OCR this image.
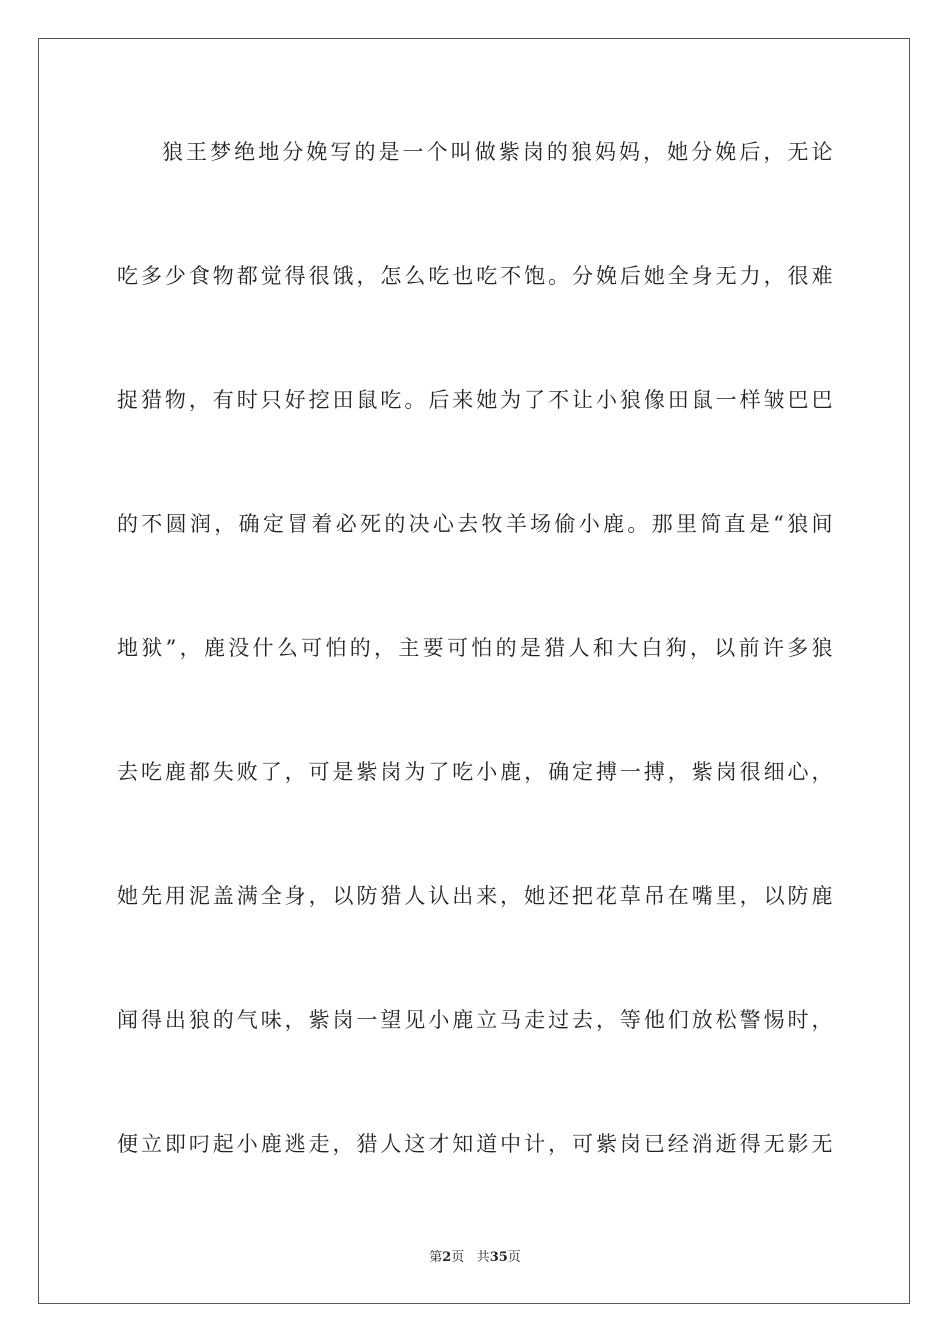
狼王梦绝地分娩写的是一个叫做紫岗的狼妈妈，她分娩后，无论
吃多少食物都觉得很饿，怎么吃也吃不饱。分娩后她全身无力，很难
捉猎物，有时只好挖田鼠吃。后来她为了不让小狼像田鼠一样皱巴巴
的不圆润，确定冒着必死的决心去牧羊场偷小鹿。那里简直是“狼间
地狱”，鹿没什么可怕的，主要可怕的是猎人和大白狗，以前许多狼
去吃鹿都失败了，可是紫岗为了吃小鹿，确定搏一搏，紫岗很细心，
她先用泥盖满全身，以防猎人认出来，她还把花草吊在嘴里，以防鹿
闻得出狼的气味，紫岗一望见小鹿立马走过去，等他们放松警惕时，
便立即叼起小鹿逃走，猎人这才知道中计，可紫岗已经消逝得无影无
第2页 共35页
